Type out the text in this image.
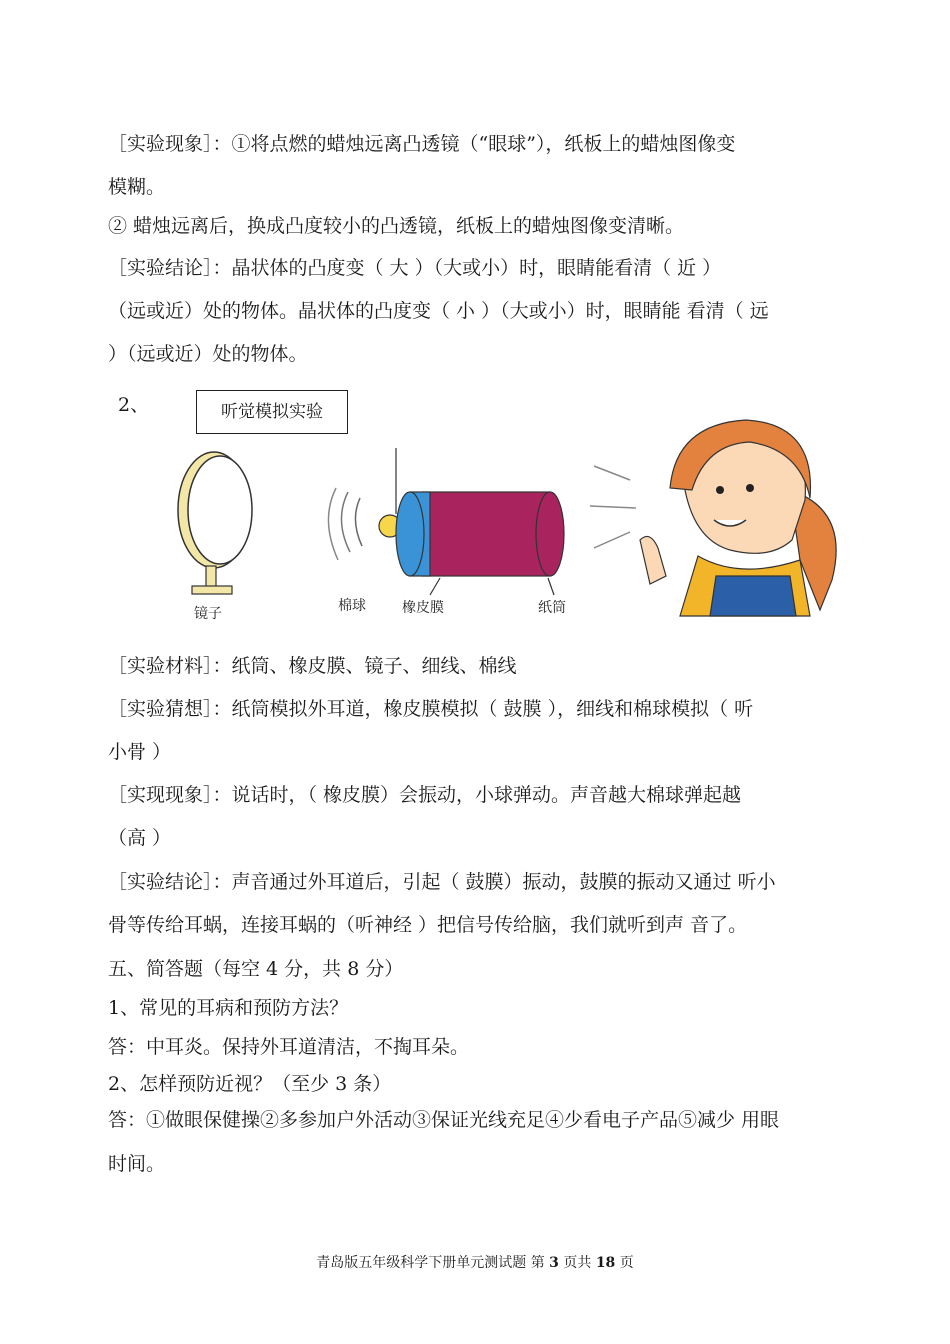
［实验现象］：①将点燃的蜡烛远离凸透镜（“眼球”），纸板上的蜡烛图像变
模糊。
② 蜡烛远离后，换成凸度较小的凸透镜，纸板上的蜡烛图像变清晰。
［实验结论］：晶状体的凸度变（ 大 ）（大或小）时，眼睛能看清（ 近 ）
（远或近）处的物体。晶状体的凸度变（ 小 ）（大或小）时，眼睛能 看清（ 远
）（远或近）处的物体。
2、	听觉模拟实验
镜子	棉球	橡皮膜	纸筒
［实验材料］：纸筒、橡皮膜、镜子、细线、棉线
［实验猜想］：纸筒模拟外耳道，橡皮膜模拟（ 鼓膜 ），细线和棉球模拟（ 听
小骨 ）
［实现现象］：说话时，（ 橡皮膜）会振动，小球弹动。声音越大棉球弹起越
（高 ）
［实验结论］：声音通过外耳道后，引起（ 鼓膜）振动，鼓膜的振动又通过 听小
骨等传给耳蜗，连接耳蜗的（听神经 ）把信号传给脑，我们就听到声 音了。
五、简答题（每空 4 分，共 8 分）
1、常见的耳病和预防方法？
答：中耳炎。保持外耳道清洁，不掏耳朵。
2、怎样预防近视？（至少 3 条）
答：①做眼保健操②多参加户外活动③保证光线充足④少看电子产品⑤减少 用眼
时间。
青岛版五年级科学下册单元测试题 第 3 页共 18 页
